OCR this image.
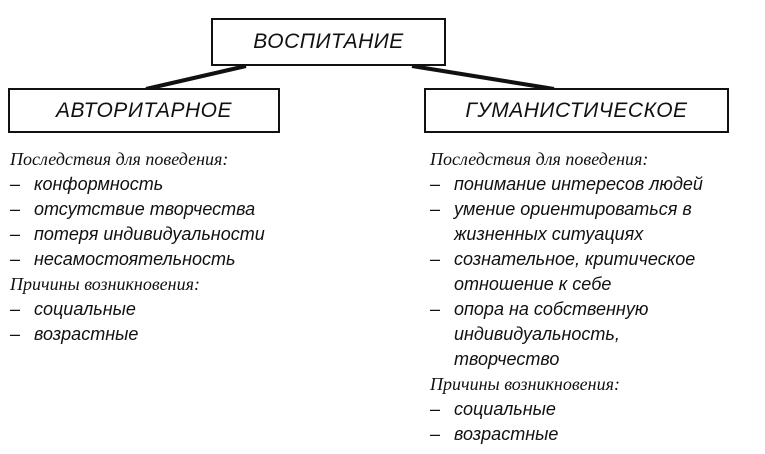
ВОСПИТАНИЕ
АВТОРИТАРНОЕ	ГУМАНИСТИЧЕСКОЕ
Последствия для поведения:
– конформность
– отсутствие творчества
– потеря индивидуальности
– несамостоятельность
Причины возникновения:
– социальные
– возрастные
Последствия для поведения:
– понимание интересов людей
– умение ориентироваться в
жизненных ситуациях
– сознательное, критическое
отношение к себе
– опора на собственную
индивидуальность,
творчество
Причины возникновения:
– социальные
– возрастные
